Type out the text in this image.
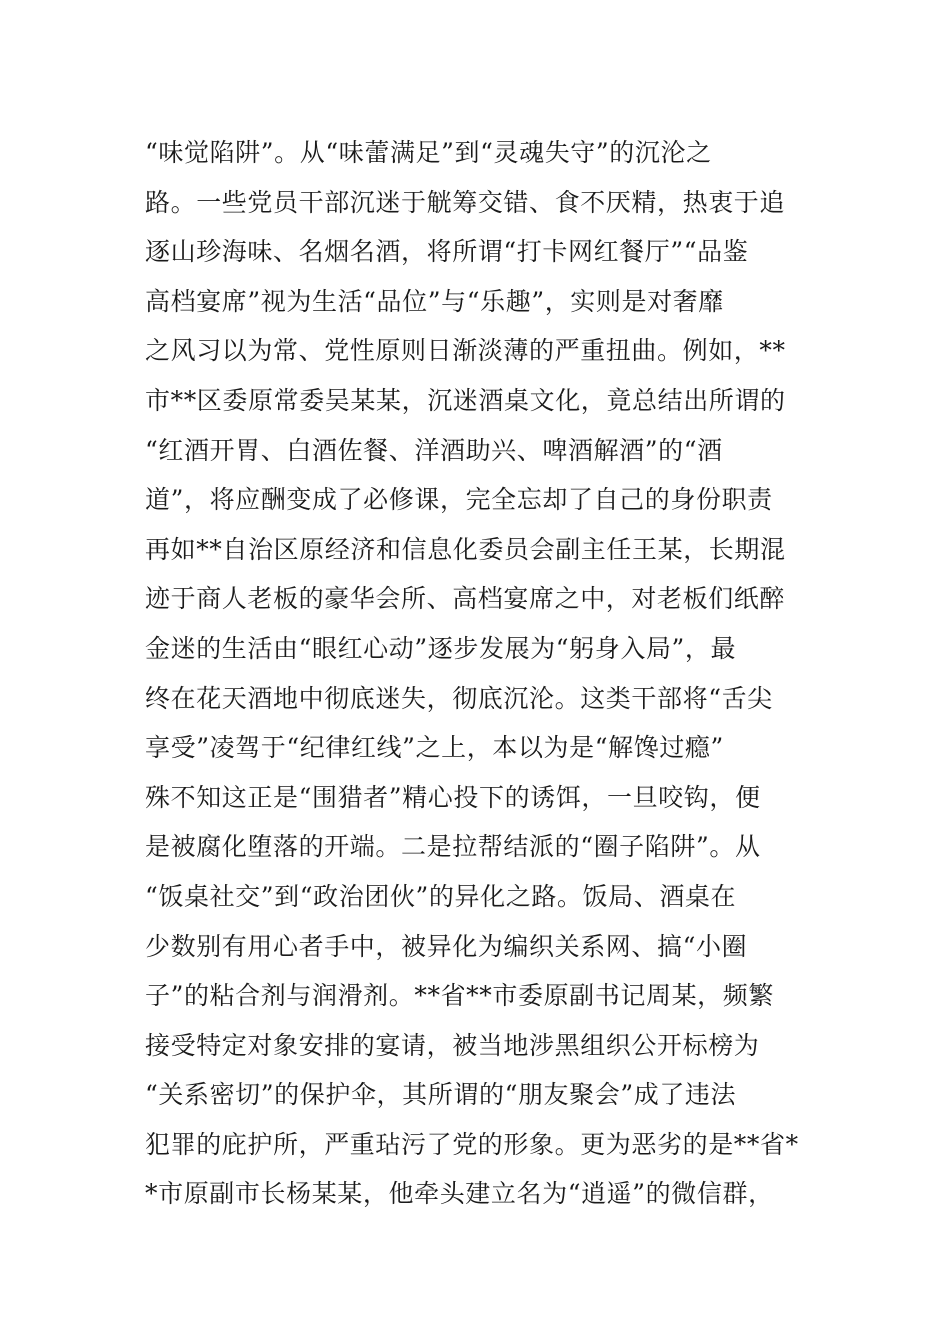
“味觉陷阱”。从“味蕾满足”到“灵魂失守”的沉沦之
路。一些党员干部沉迷于觥筹交错、食不厌精，热衷于追
逐山珍海味、名烟名酒，将所谓“打卡网红餐厅”“品鉴
高档宴席”视为生活“品位”与“乐趣”，实则是对奢靡
之风习以为常、党性原则日渐淡薄的严重扭曲。例如，**
市**区委原常委吴某某，沉迷酒桌文化，竟总结出所谓的
“红酒开胃、白酒佐餐、洋酒助兴、啤酒解酒”的“酒
道”，将应酬变成了必修课，完全忘却了自己的身份职责
再如**自治区原经济和信息化委员会副主任王某，长期混
迹于商人老板的豪华会所、高档宴席之中，对老板们纸醉
金迷的生活由“眼红心动”逐步发展为“躬身入局”，最
终在花天酒地中彻底迷失，彻底沉沦。这类干部将“舌尖
享受”凌驾于“纪律红线”之上，本以为是“解馋过瘾”
殊不知这正是“围猎者”精心投下的诱饵，一旦咬钩，便
是被腐化堕落的开端。二是拉帮结派的“圈子陷阱”。从
“饭桌社交”到“政治团伙”的异化之路。饭局、酒桌在
少数别有用心者手中，被异化为编织关系网、搞“小圈
子”的粘合剂与润滑剂。**省**市委原副书记周某，频繁
接受特定对象安排的宴请，被当地涉黑组织公开标榜为
“关系密切”的保护伞，其所谓的“朋友聚会”成了违法
犯罪的庇护所，严重玷污了党的形象。更为恶劣的是**省*
*市原副市长杨某某，他牵头建立名为“逍遥”的微信群，
